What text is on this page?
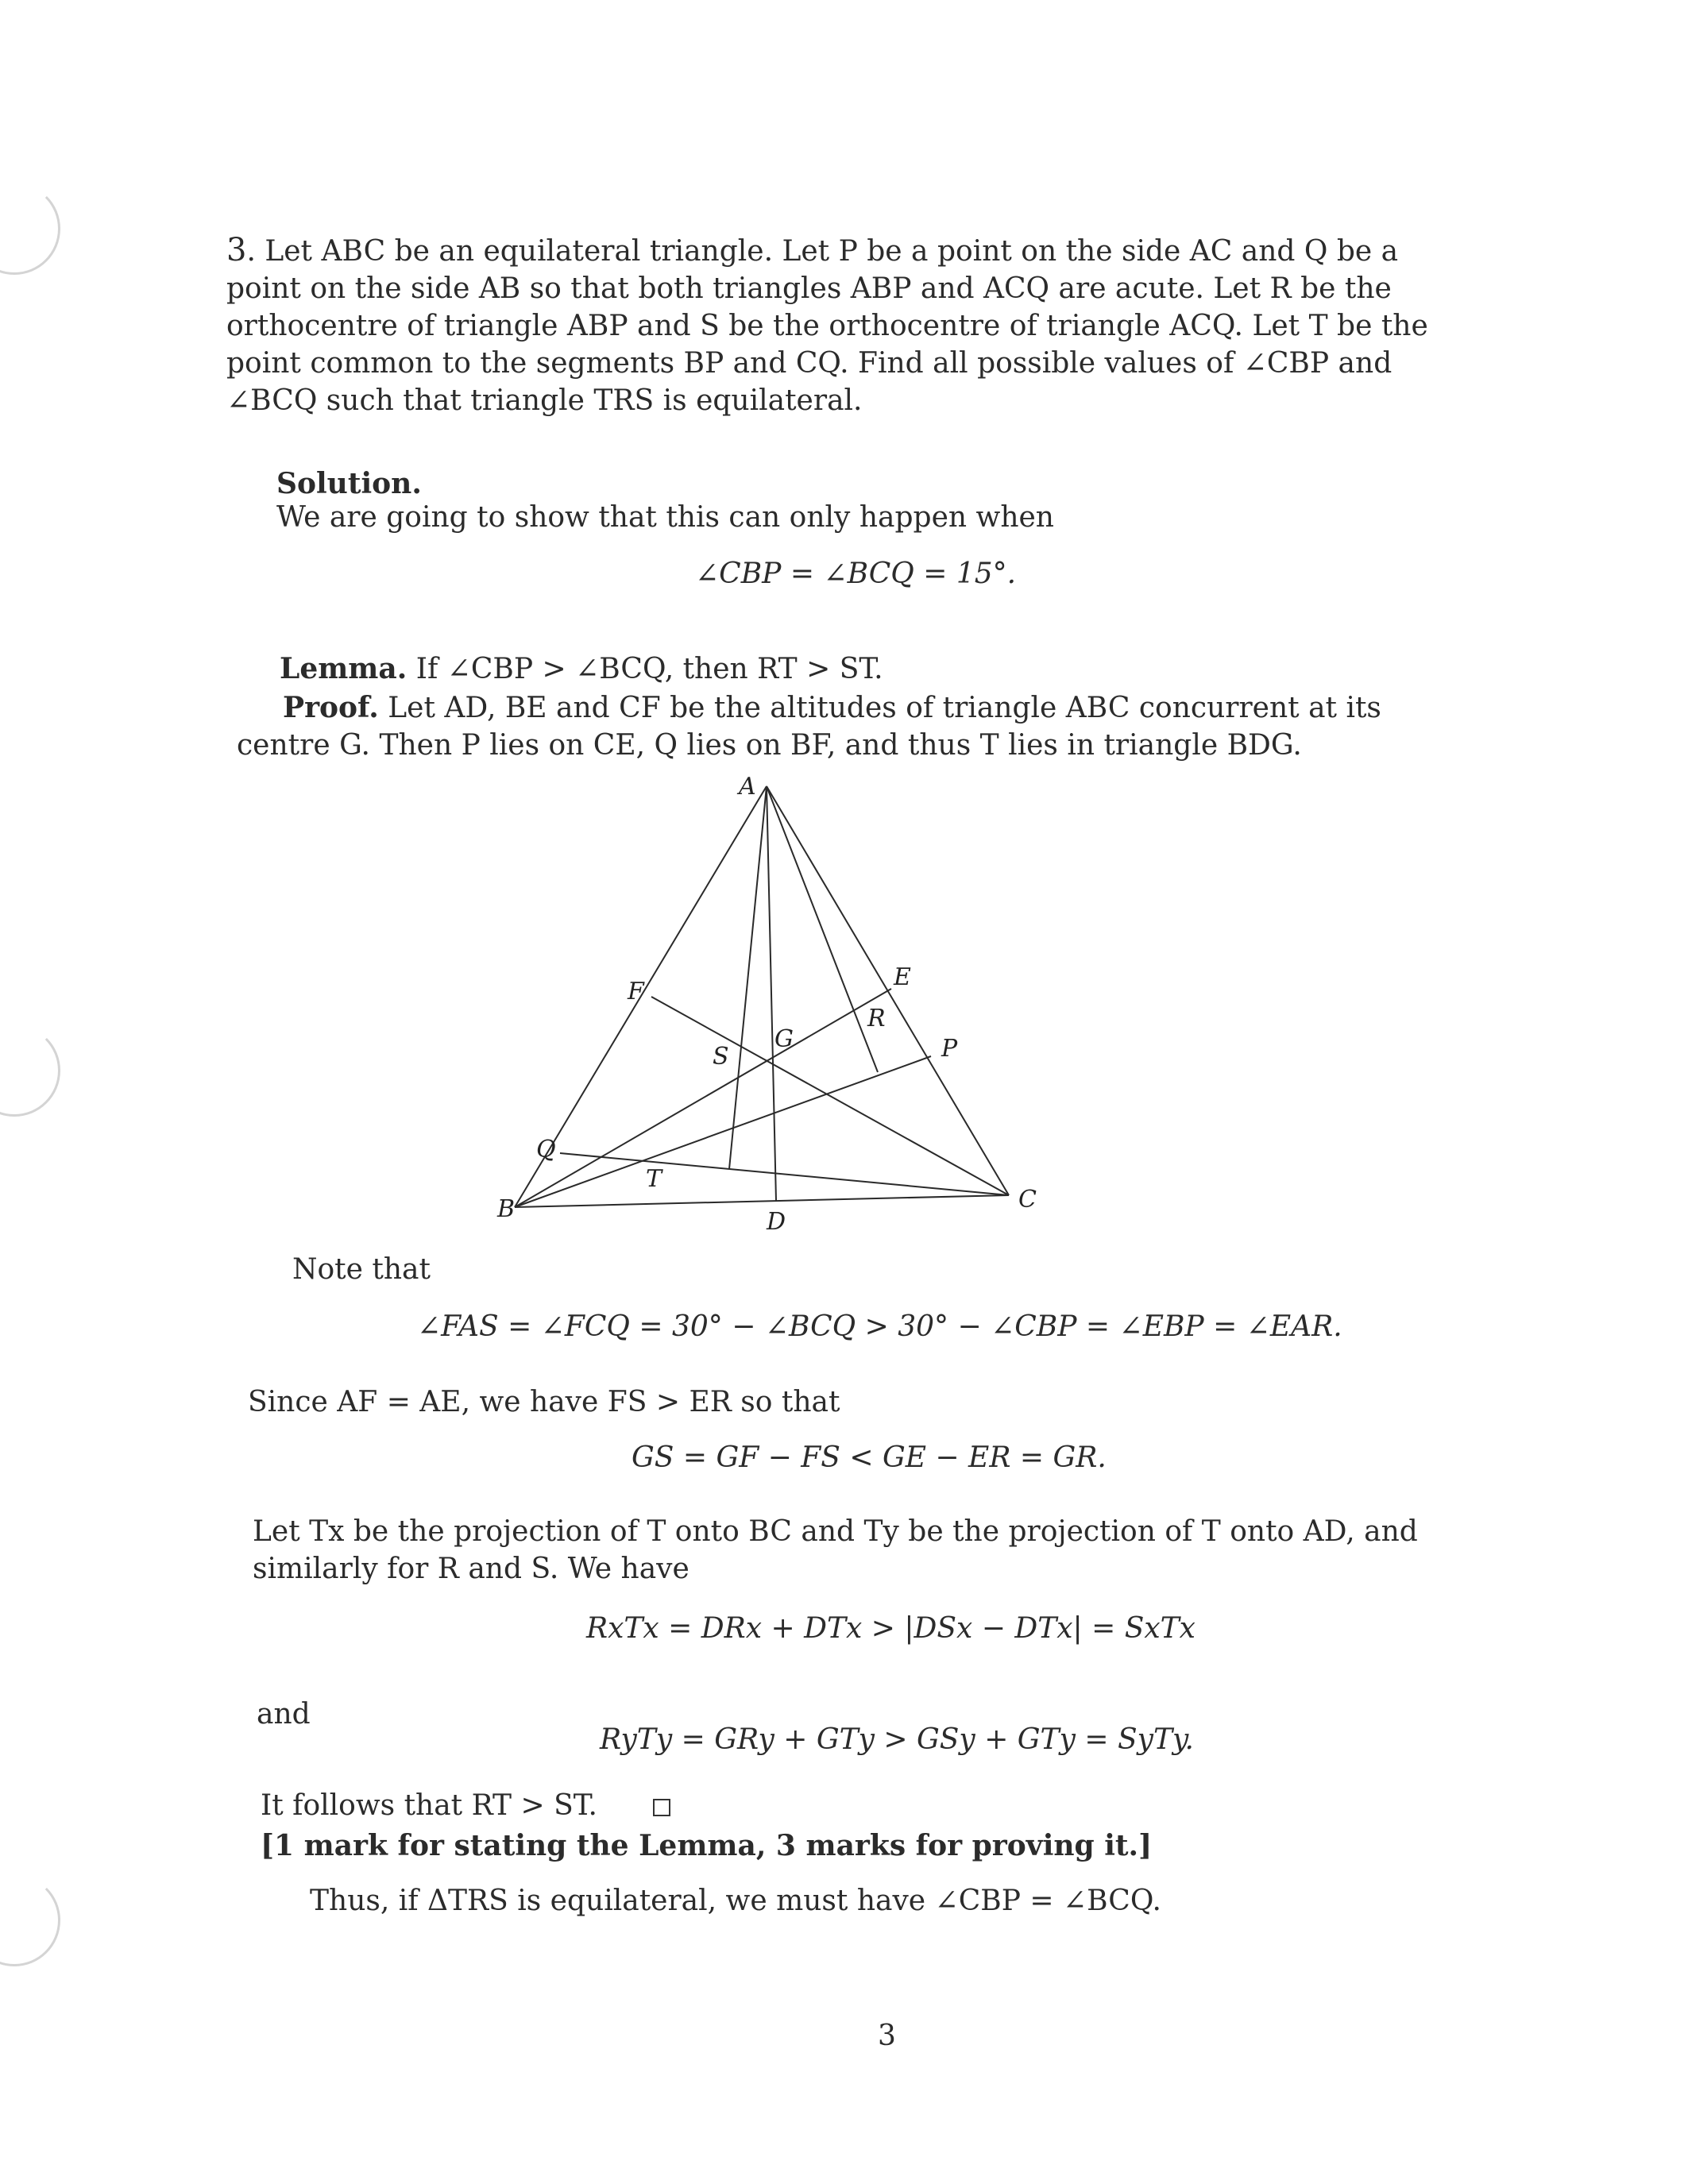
3. Let ABC be an equilateral triangle. Let P be a point on the side AC and Q be a point on the side AB so that both triangles ABP and ACQ are acute. Let R be the orthocentre of triangle ABP and S be the orthocentre of triangle ACQ. Let T be the point common to the segments BP and CQ. Find all possible values of ∠CBP and ∠BCQ such that triangle TRS is equilateral.
Solution.
We are going to show that this can only happen when
∠CBP = ∠BCQ = 15°.
Lemma. If ∠CBP > ∠BCQ, then RT > ST.
Proof. Let AD, BE and CF be the altitudes of triangle ABC concurrent at its centre G. Then P lies on CE, Q lies on BF, and thus T lies in triangle BDG.
A
B	C
D
E
F
G	P
Q
R
S
T
Note that
∠FAS = ∠FCQ = 30° − ∠BCQ > 30° − ∠CBP = ∠EBP = ∠EAR.
Since AF = AE, we have FS > ER so that
GS = GF − FS < GE − ER = GR.
Let Tx be the projection of T onto BC and Ty be the projection of T onto AD, and similarly for R and S. We have
RxTx = DRx + DTx > |DSx − DTx| = SxTx
and
RyTy = GRy + GTy > GSy + GTy = SyTy.
It follows that RT > ST.
[1 mark for stating the Lemma, 3 marks for proving it.]
Thus, if ΔTRS is equilateral, we must have ∠CBP = ∠BCQ.
3
